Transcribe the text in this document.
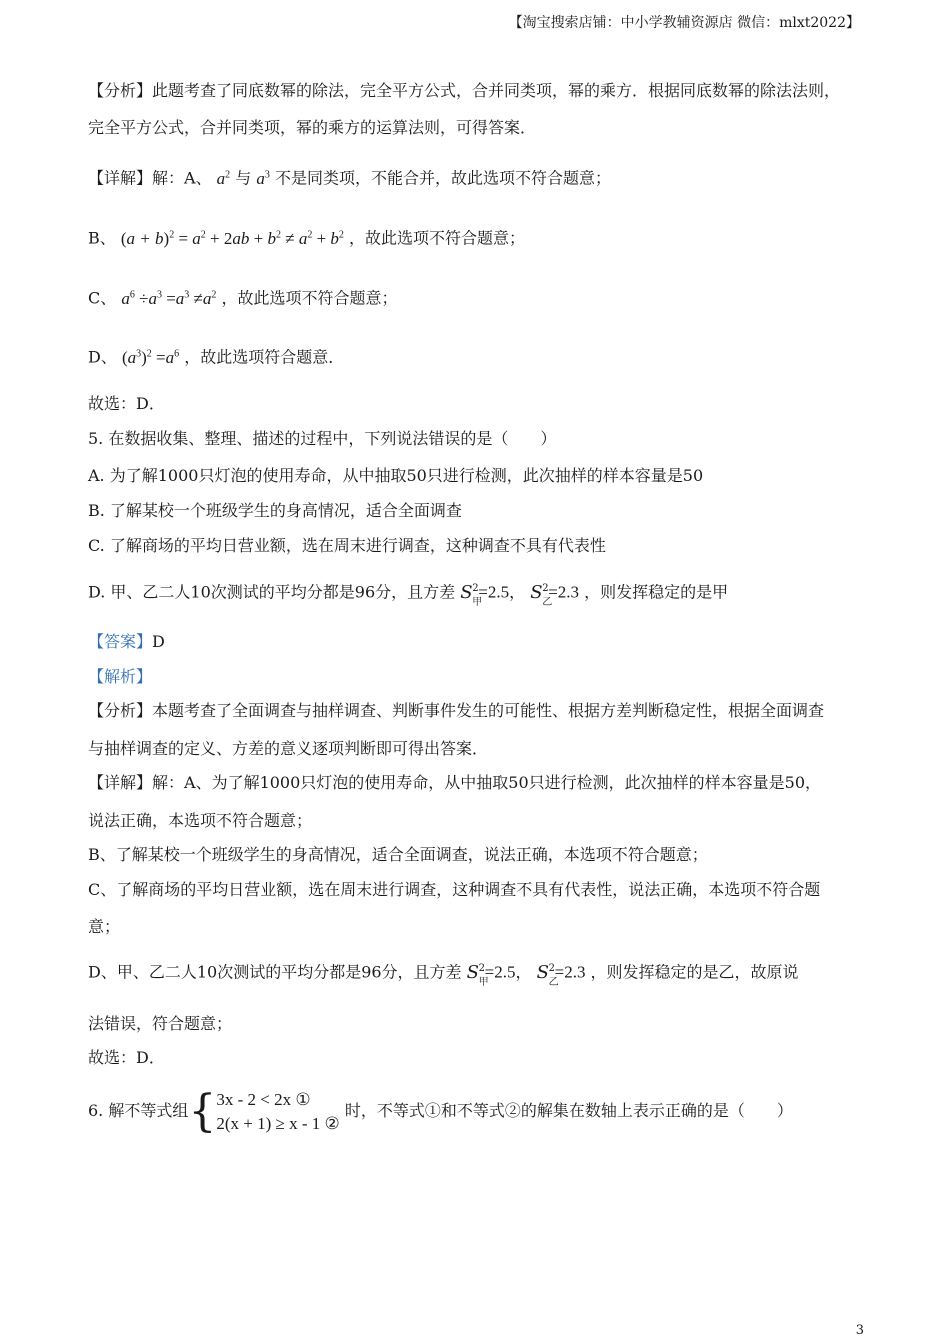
【淘宝搜索店铺：中小学教辅资源店 微信：mlxt2022】
【分析】此题考查了同底数幂的除法，完全平方公式，合并同类项，幂的乘方．根据同底数幂的除法法则，
完全平方公式，合并同类项，幂的乘方的运算法则，可得答案．
【详解】解：A、 $a^2$ 与 $a^3$ 不是同类项，不能合并，故此选项不符合题意；
B、 $(a + b)^2 = a^2 + 2ab + b^2 \ne a^2 + b^2$ ，故此选项不符合题意；
C、 $a^6 \div a^3 =a^3 \ne a^2$ ，故此选项不符合题意；
D、 $(a^3)^2 =a^6$ ，故此选项符合题意．
故选：D．
5. 在数据收集、整理、描述的过程中，下列说法错误的是（　　）
A. 为了解1000只灯泡的使用寿命，从中抽取50只进行检测，此次抽样的样本容量是50
B. 了解某校一个班级学生的身高情况，适合全面调查
C. 了解商场的平均日营业额，选在周末进行调查，这种调查不具有代表性
D. 甲、乙二人10次测试的平均分都是96分，且方差 S 2
甲
=2.5， S 2
乙
=2.3 ，则发挥稳定的是甲
【答案】D
【解析】
【分析】本题考查了全面调查与抽样调查、判断事件发生的可能性、根据方差判断稳定性，根据全面调查
与抽样调查的定义、方差的意义逐项判断即可得出答案．
【详解】解：A、为了解1000只灯泡的使用寿命，从中抽取50只进行检测，此次抽样的样本容量是50，
说法正确，本选项不符合题意；
B、了解某校一个班级学生的身高情况，适合全面调查，说法正确，本选项不符合题意；
C、了解商场的平均日营业额，选在周末进行调查，这种调查不具有代表性，说法正确，本选项不符合题
意；
D、甲、乙二人10次测试的平均分都是96分，且方差 S 2
甲
=2.5， S 2
乙
=2.3 ，则发挥稳定的是乙，故原说
法错误，符合题意；
故选：D．
6. 解不等式组{3x - 2 < 2x ①
2(x + 1) ≥ x - 1 ② 时，不等式①和不等式②的解集在数轴上表示正确的是（　　）
3
